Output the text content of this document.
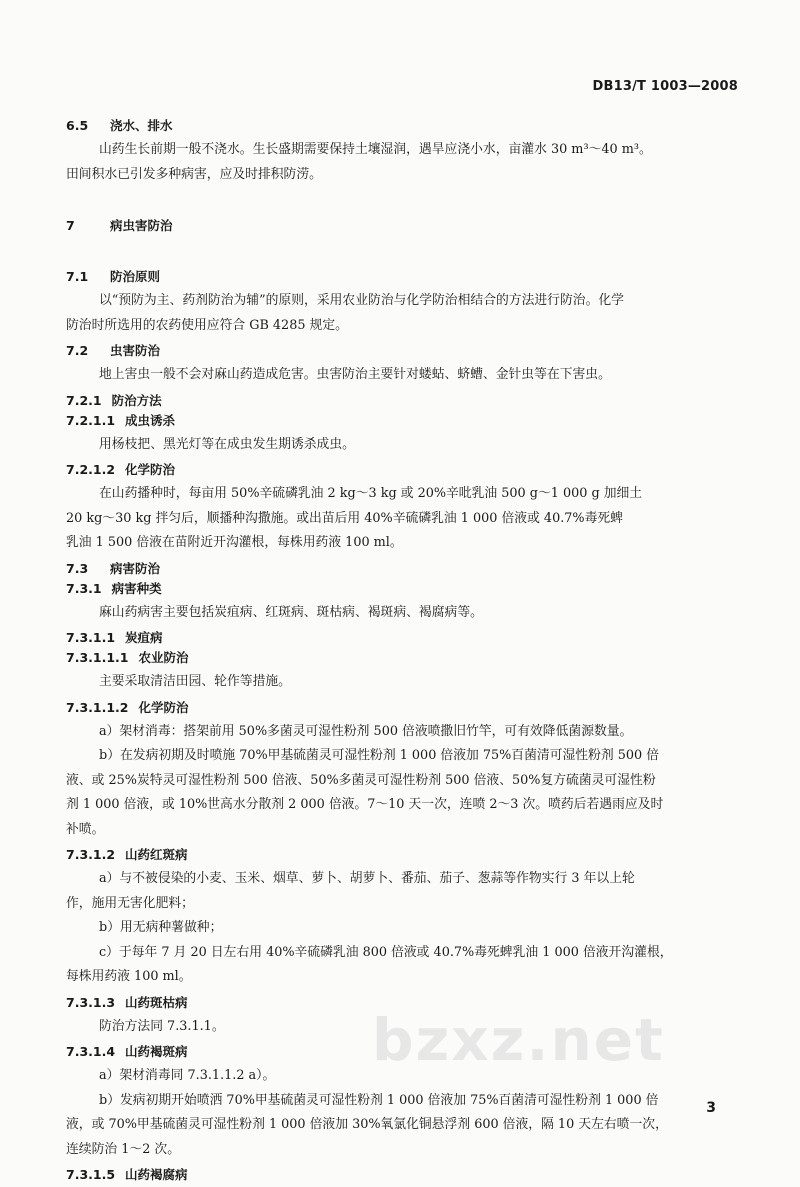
DB13/T 1003—2008
6.5 浇水、排水
山药生长前期一般不浇水。生长盛期需要保持土壤湿润，遇旱应浇小水，亩灌水 30 m³～40 m³。
田间积水已引发多种病害，应及时排积防涝。
7	病虫害防治
7.1 防治原则
以“预防为主、药剂防治为辅”的原则，采用农业防治与化学防治相结合的方法进行防治。化学
防治时所选用的农药使用应符合 GB 4285 规定。
7.2 虫害防治
地上害虫一般不会对麻山药造成危害。虫害防治主要针对蝼蛄、蛴螬、金针虫等在下害虫。
7.2.1 防治方法
7.2.1.1 成虫诱杀
用杨枝把、黑光灯等在成虫发生期诱杀成虫。
7.2.1.2 化学防治
在山药播种时，每亩用 50%辛硫磷乳油 2 kg～3 kg 或 20%辛吡乳油 500 g～1 000 g 加细土
20 kg～30 kg 拌匀后，顺播种沟撒施。或出苗后用 40%辛硫磷乳油 1 000 倍液或 40.7%毒死蜱
乳油 1 500 倍液在苗附近开沟灌根，每株用药液 100 ml。
7.3 病害防治
7.3.1 病害种类
麻山药病害主要包括炭疽病、红斑病、斑枯病、褐斑病、褐腐病等。
7.3.1.1 炭疽病
7.3.1.1.1 农业防治
主要采取清洁田园、轮作等措施。
7.3.1.1.2 化学防治
a）架材消毒：搭架前用 50%多菌灵可湿性粉剂 500 倍液喷撒旧竹竿，可有效降低菌源数量。
b）在发病初期及时喷施 70%甲基硫菌灵可湿性粉剂 1 000 倍液加 75%百菌清可湿性粉剂 500 倍
液、或 25%炭特灵可湿性粉剂 500 倍液、50%多菌灵可湿性粉剂 500 倍液、50%复方硫菌灵可湿性粉
剂 1 000 倍液，或 10%世高水分散剂 2 000 倍液。7～10 天一次，连喷 2～3 次。喷药后若遇雨应及时
补喷。
7.3.1.2 山药红斑病
a）与不被侵染的小麦、玉米、烟草、萝卜、胡萝卜、番茄、茄子、葱蒜等作物实行 3 年以上轮
作，施用无害化肥料；
b）用无病种薯做种；
c）于每年 7 月 20 日左右用 40%辛硫磷乳油 800 倍液或 40.7%毒死蜱乳油 1 000 倍液开沟灌根，
每株用药液 100 ml。
7.3.1.3 山药斑枯病
防治方法同 7.3.1.1。
7.3.1.4 山药褐斑病
a）架材消毒同 7.3.1.1.2 a）。
b）发病初期开始喷洒 70%甲基硫菌灵可湿性粉剂 1 000 倍液加 75%百菌清可湿性粉剂 1 000 倍
液，或 70%甲基硫菌灵可湿性粉剂 1 000 倍液加 30%氧氯化铜悬浮剂 600 倍液，隔 10 天左右喷一次，
连续防治 1～2 次。
7.3.1.5 山药褐腐病
bzxz.net
3
